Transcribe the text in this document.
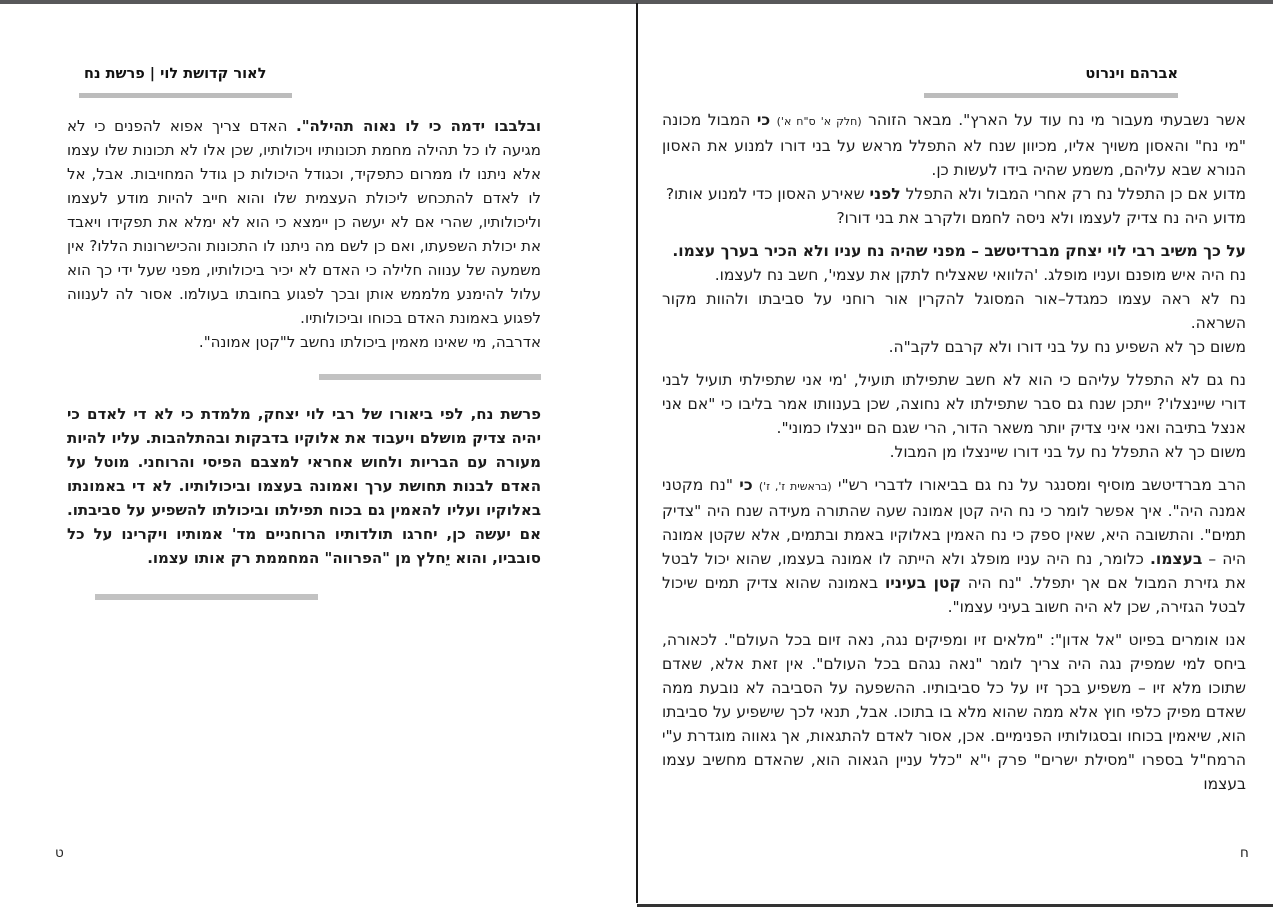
אברהם וינרוט

אשר נשבעתי מעבור מי נח עוד על הארץ". מבאר הזוהר (חלק א' ס"ח א') כי המבול מכונה "מי נח" והאסון משויך אליו, מכיוון שנח לא התפלל מראש על בני דורו למנוע את האסון הנורא שבא עליהם, משמע שהיה בידו לעשות כן.

מדוע אם כן התפלל נח רק אחרי המבול ולא התפלל לפני שאירע האסון כדי למנוע אותו?

מדוע היה נח צדיק לעצמו ולא ניסה לחמם ולקרב את בני דורו?

על כך משיב רבי לוי יצחק מברדיטשב – מפני שהיה נח עניו ולא הכיר בערך עצמו.

נח היה איש מופנם ועניו מופלג. 'הלוואי שאצליח לתקן את עצמי', חשב נח לעצמו.

נח לא ראה עצמו כמגדל–אור המסוגל להקרין אור רוחני על סביבתו ולהוות מקור השראה.

משום כך לא השפיע נח על בני דורו ולא קרבם לקב"ה.

נח גם לא התפלל עליהם כי הוא לא חשב שתפילתו תועיל, 'מי אני שתפילתי תועיל לבני דורי שיינצלו'? ייתכן שנח גם סבר שתפילתו לא נחוצה, שכן בענוותו אמר בליבו כי "אם אני אנצל בתיבה ואני איני צדיק יותר משאר הדור, הרי שגם הם יינצלו כמוני".

משום כך לא התפלל נח על בני דורו שיינצלו מן המבול.

הרב מברדיטשב מוסיף ומסנגר על נח גם בביאורו לדברי רש"י (בראשית ז', ז') כי "נח מקטני אמנה היה". איך אפשר לומר כי נח היה קטן אמונה שעה שהתורה מעידה שנח היה "צדיק תמים". והתשובה היא, שאין ספק כי נח האמין באלוקיו באמת ובתמים, אלא שקטן אמונה היה – בעצמו. כלומר, נח היה עניו מופלג ולא הייתה לו אמונה בעצמו, שהוא יכול לבטל את גזירת המבול אם אך יתפלל. "נח היה קטן בעיניו באמונה שהוא צדיק תמים שיכול לבטל הגזירה, שכן לא היה חשוב בעיני עצמו".

אנו אומרים בפיוט "אל אדון": "מלאים זיו ומפיקים נגה, נאה זיום בכל העולם". לכאורה, ביחס למי שמפיק נגה היה צריך לומר "נאה נגהם בכל העולם". אין זאת אלא, שאדם שתוכו מלא זיו – משפיע בכך זיו על כל סביבותיו. ההשפעה על הסביבה לא נובעת ממה שאדם מפיק כלפי חוץ אלא ממה שהוא מלא בו בתוכו. אבל, תנאי לכך שישפיע על סביבתו הוא, שיאמין בכוחו ובסגולותיו הפנימיים. אכן, אסור לאדם להתגאות, אך גאווה מוגדרת ע"י הרמח"ל בספרו "מסילת ישרים" פרק י"א "כלל עניין הגאוה הוא, שהאדם מחשיב עצמו בעצמו

ח
לאור קדושת לוי | פרשת נח

ובלבבו ידמה כי לו נאוה תהילה". האדם צריך אפוא להפנים כי לא מגיעה לו כל תהילה מחמת תכונותיו ויכולותיו, שכן אלו לא תכונות שלו עצמו אלא ניתנו לו ממרום כתפקיד, וכגודל היכולות כן גודל המחויבות. אבל, אל לו לאדם להתכחש ליכולת העצמית שלו והוא חייב להיות מודע לעצמו וליכולותיו, שהרי אם לא יעשה כן יימצא כי הוא לא ימלא את תפקידו ויאבד את יכולת השפעתו, ואם כן לשם מה ניתנו לו התכונות והכישרונות הללו? אין משמעה של ענווה חלילה כי האדם לא יכיר ביכולותיו, מפני שעל ידי כך הוא עלול להימנע מלממש אותן ובכך לפגוע בחובתו בעולמו. אסור לה לענווה לפגוע באמונת האדם בכוחו וביכולותיו.

אדרבה, מי שאינו מאמין ביכולתו נחשב ל"קטן אמונה".

פרשת נח, לפי ביאורו של רבי לוי יצחק, מלמדת כי לא די לאדם כי יהיה צדיק מושלם ויעבוד את אלוקיו בדבקות ובהתלהבות. עליו להיות מעורה עם הבריות ולחוש אחראי למצבם הפיסי והרוחני. מוטל על האדם לבנות תחושת ערך ואמונה בעצמו וביכולותיו. לא די באמונתו באלוקיו ועליו להאמין גם בכוח תפילתו וביכולתו להשפיע על סביבתו. אם יעשה כן, יחרגו תולדותיו הרוחניים מד' אמותיו ויקרינו על כל סובביו, והוא יֵחלץ מן "הפרווה" המחממת רק אותו עצמו.

ט
